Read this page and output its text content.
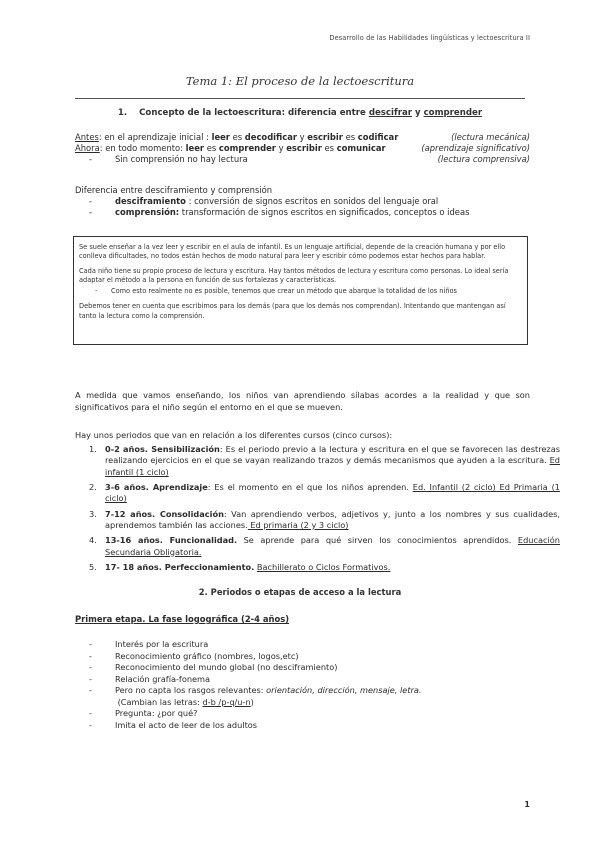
Desarrollo de las Habilidades lingüísticas y lectoescritura II
Tema 1: El proceso de la lectoescritura
1. Concepto de la lectoescritura: diferencia entre descifrar y comprender
Antes: en el aprendizaje inicial : leer es decodificar y escribir es codificar	(lectura mecánica)
Ahora: en todo momento: leer es comprender y escribir es comunicar	(aprendizaje significativo)
-	Sin comprensión no hay lectura	(lectura comprensiva)
Diferencia entre desciframiento y comprensión
-	desciframiento : conversión de signos escritos en sonidos del lenguaje oral
-	comprensión: transformación de signos escritos en significados, conceptos o ideas

Se suele enseñar a la vez leer y escribir en el aula de infantil. Es un lenguaje artificial, depende de la creación humana y por ello conlleva dificultades, no todos están hechos de modo natural para leer y escribir cómo podemos estar hechos para hablar.

Cada niño tiene su propio proceso de lectura y escritura. Hay tantos métodos de lectura y escritura como personas. Lo ideal sería adaptar el método a la persona en función de sus fortalezas y características.

- Como esto realmente no es posible, tenemos que crear un método que abarque la totalidad de los niños

Debemos tener en cuenta que escribimos para los demás (para que los demás nos comprendan). Intentando que mantengan así tanto la lectura como la comprensión.

A medida que vamos enseñando, los niños van aprendiendo sílabas acordes a la realidad y que son significativos para el niño según el entorno en el que se mueven.
Hay unos periodos que van en relación a los diferentes cursos (cinco cursos):
1. 0-2 años. Sensibilización: Es el periodo previo a la lectura y escritura en el que se favorecen las destrezas realizando ejercicios en el que se vayan realizando trazos y demás mecanismos que ayuden a la escritura. Ed infantil (1 ciclo)
2. 3-6 años. Aprendizaje: Es el momento en el que los niños aprenden. Ed. Infantil (2 ciclo) Ed Primaria (1 ciclo)
3. 7-12 años. Consolidación: Van aprendiendo verbos, adjetivos y, junto a los nombres y sus cualidades, aprendemos también las acciones. Ed primaria (2 y 3 ciclo)
4. 13-16 años. Funcionalidad. Se aprende para qué sirven los conocimientos aprendidos. Educación Secundaria Obligatoria.
5. 17- 18 años. Perfeccionamiento. Bachillerato o Ciclos Formativos.
2. Periodos o etapas de acceso a la lectura
Primera etapa. La fase logográfica (2-4 años)
-	Interés por la escritura
-	Reconocimiento gráfico (nombres, logos,etc)
-	Reconocimiento del mundo global (no desciframiento)
-	Relación grafía-fonema
-	Pero no capta los rasgos relevantes: orientación, dirección, mensaje, letra.
(Cambian las letras: d-b /p-q/u-n)
-	Pregunta: ¿por qué?
-	Imita el acto de leer de los adultos
1
